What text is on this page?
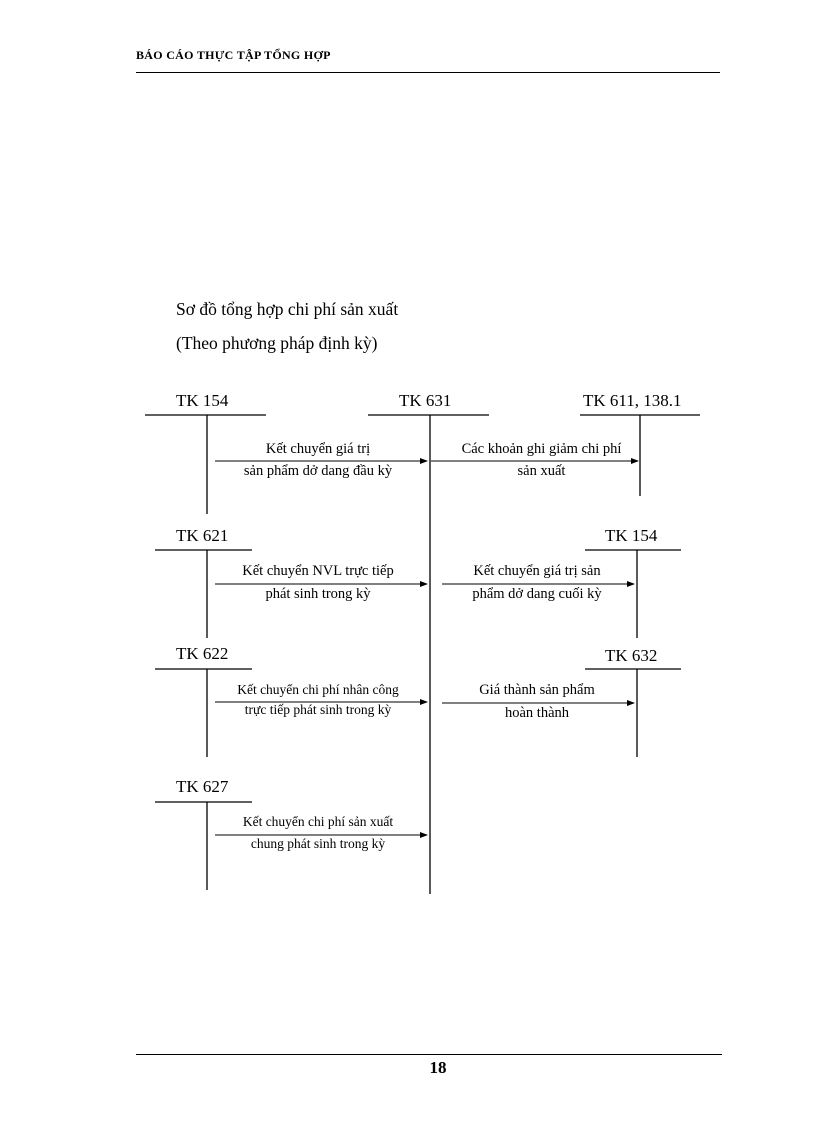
BÁO CÁO THỰC TẬP TỔNG HỢP
Sơ đồ tổng hợp chi phí sản xuất
(Theo phương pháp định kỳ)
TK 154	TK 631	TK 611, 138.1
TK 621	TK 154
TK 622	TK 632
TK 627
Kết chuyển giá trị
sản phẩm dở dang đầu kỳ
Các khoản ghi giảm chi phí
sản xuất
Kết chuyển NVL trực tiếp
phát sinh trong kỳ
Kết chuyển giá trị sản
phẩm dở dang cuối kỳ
Kết chuyển chi phí nhân công
trực tiếp phát sinh trong kỳ
Giá thành sản phẩm
hoàn thành
Kết chuyển chi phí sản xuất
chung phát sinh trong kỳ
18
